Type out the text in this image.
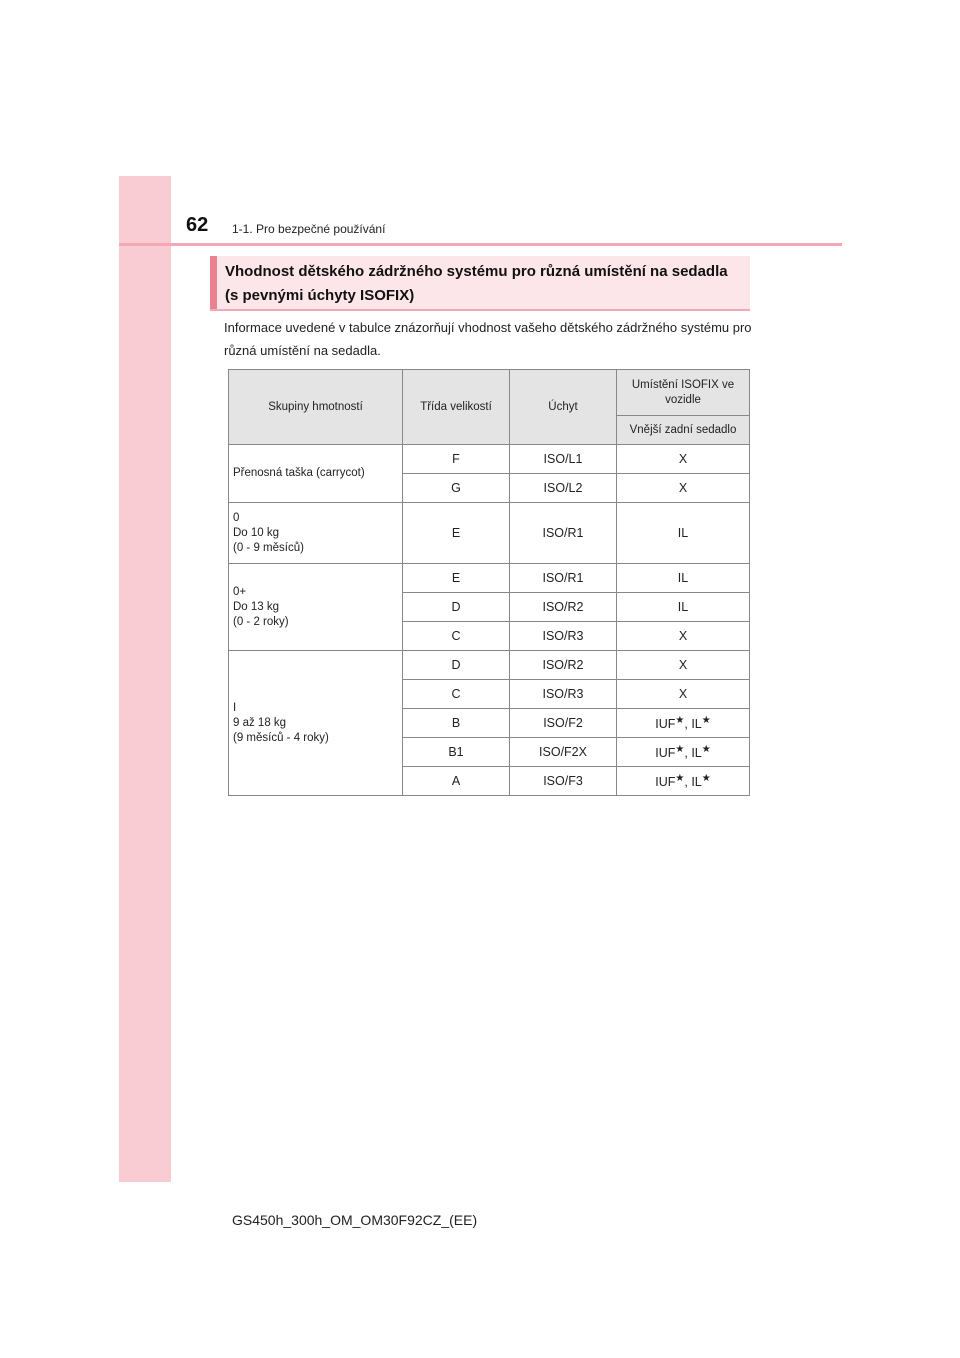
62 1-1. Pro bezpečné používání
Vhodnost dětského zádržného systému pro různá umístění na sedadla (s pevnými úchyty ISOFIX)
Informace uvedené v tabulce znázorňují vhodnost vašeho dětského zádržného systému pro různá umístění na sedadla.
Skupiny hmotností	Třída velikostí	Úchyt	Umístění ISOFIX ve vozidle
			Vnější zadní sedadlo
Přenosná taška (carrycot)	F	ISO/L1	X
	G	ISO/L2	X
0
Do 10 kg
(0 - 9 měsíců)	E	ISO/R1	IL
0+
Do 13 kg
(0 - 2 roky)	E	ISO/R1	IL
	D	ISO/R2	IL
	C	ISO/R3	X
I
9 až 18 kg
(9 měsíců - 4 roky)	D	ISO/R2	X
	C	ISO/R3	X
	B	ISO/F2	IUF★, IL★
	B1	ISO/F2X	IUF★, IL★
	A	ISO/F3	IUF★, IL★
GS450h_300h_OM_OM30F92CZ_(EE)
